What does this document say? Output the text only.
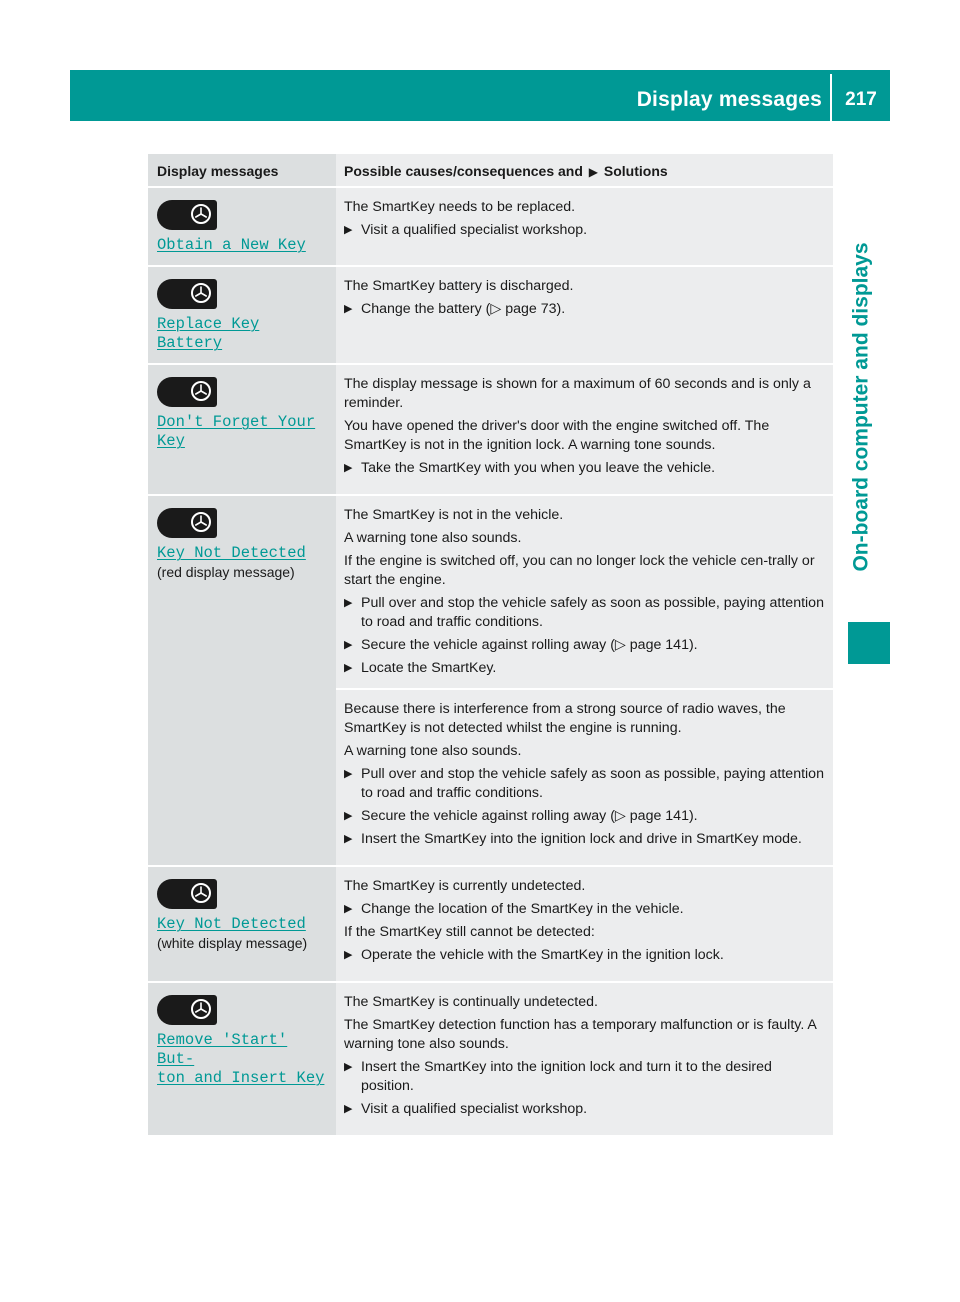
Display messages	217
On-board computer and displays
Display messages	Possible causes/consequences and ▶ Solutions
Obtain a New Key

The SmartKey needs to be replaced.

▶ Visit a qualified specialist workshop.
Replace Key Battery

The SmartKey battery is discharged.

▶ Change the battery (▷ page 73).
Don't Forget Your
Key

The display message is shown for a maximum of 60 seconds and is only a reminder.

You have opened the driver's door with the engine switched off. The SmartKey is not in the ignition lock. A warning tone sounds.

▶ Take the SmartKey with you when you leave the vehicle.
Key Not Detected
(red display message)

The SmartKey is not in the vehicle.

A warning tone also sounds.

If the engine is switched off, you can no longer lock the vehicle cen-trally or start the engine.

▶ Pull over and stop the vehicle safely as soon as possible, paying attention to road and traffic conditions.
▶ Secure the vehicle against rolling away (▷ page 141).
▶ Locate the SmartKey.

Because there is interference from a strong source of radio waves, the SmartKey is not detected whilst the engine is running.

A warning tone also sounds.

▶ Pull over and stop the vehicle safely as soon as possible, paying attention to road and traffic conditions.
▶ Secure the vehicle against rolling away (▷ page 141).
▶ Insert the SmartKey into the ignition lock and drive in SmartKey mode.
Key Not Detected
(white display message)

The SmartKey is currently undetected.

▶ Change the location of the SmartKey in the vehicle.

If the SmartKey still cannot be detected:

▶ Operate the vehicle with the SmartKey in the ignition lock.
Remove 'Start' But‐
ton and Insert Key

The SmartKey is continually undetected.

The SmartKey detection function has a temporary malfunction or is faulty. A warning tone also sounds.

▶ Insert the SmartKey into the ignition lock and turn it to the desired position.
▶ Visit a qualified specialist workshop.
